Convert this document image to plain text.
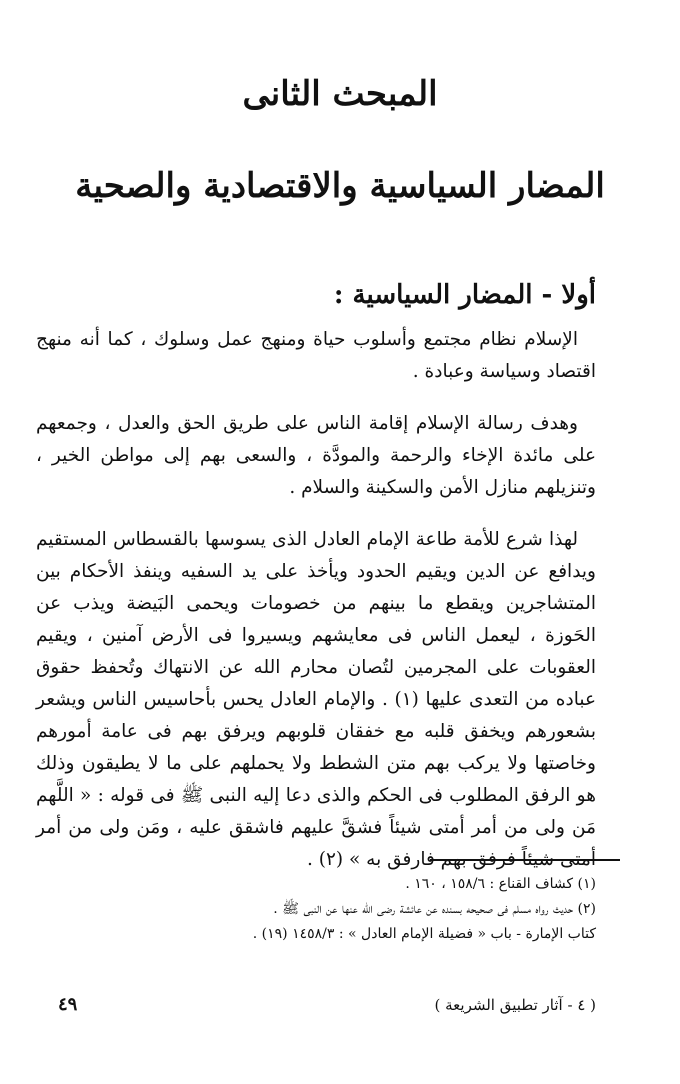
المبحث الثانى
المضار السياسية والاقتصادية والصحية
أولا - المضار السياسية :

الإسلام نظام مجتمع وأسلوب حياة ومنهج عمل وسلوك ، كما أنه منهج اقتصاد وسياسة وعبادة .

وهدف رسالة الإسلام إقامة الناس على طريق الحق والعدل ، وجمعهم على مائدة الإخاء والرحمة والمودَّة ، والسعى بهم إلى مواطن الخير ، وتنزيلهم منازل الأمن والسكينة والسلام .

لهذا شرع للأمة طاعة الإمام العادل الذى يسوسها بالقسطاس المستقيم ويدافع عن الدين ويقيم الحدود ويأخذ على يد السفيه وينفذ الأحكام بين المتشاجرين ويقطع ما بينهم من خصومات ويحمى البَيضة ويذب عن الحَوزة ، ليعمل الناس فى معايشهم ويسيروا فى الأرض آمنين ، ويقيم العقوبات على المجرمين لتُصان محارم الله عن الانتهاك وتُحفظ حقوق عباده من التعدى عليها (١) . والإمام العادل يحس بأحاسيس الناس ويشعر بشعورهم ويخفق قلبه مع خفقان قلوبهم ويرفق بهم فى عامة أمورهم وخاصتها ولا يركب بهم متن الشطط ولا يحملهم على ما لا يطيقون وذلك هو الرفق المطلوب فى الحكم والذى دعا إليه النبى ﷺ فى قوله : « اللَّهم مَن ولى من أمر أمتى شيئاً فشقَّ عليهم فاشقق عليه ، ومَن ولى من أمر أمتى شيئاً فرفق بهم فارفق به » (٢) .

(١) كشاف القناع : ١٥٨/٦ ، ١٦٠ .
(٢) حديث رواه مسلم فى صحيحه بسنده عن عائشة رضى الله عنها عن النبى ﷺ .
كتاب الإمارة - باب « فضيلة الإمام العادل » : ١٤٥٨/٣ (١٩) .
٤٩	( ٤ - آثار تطبيق الشريعة )
